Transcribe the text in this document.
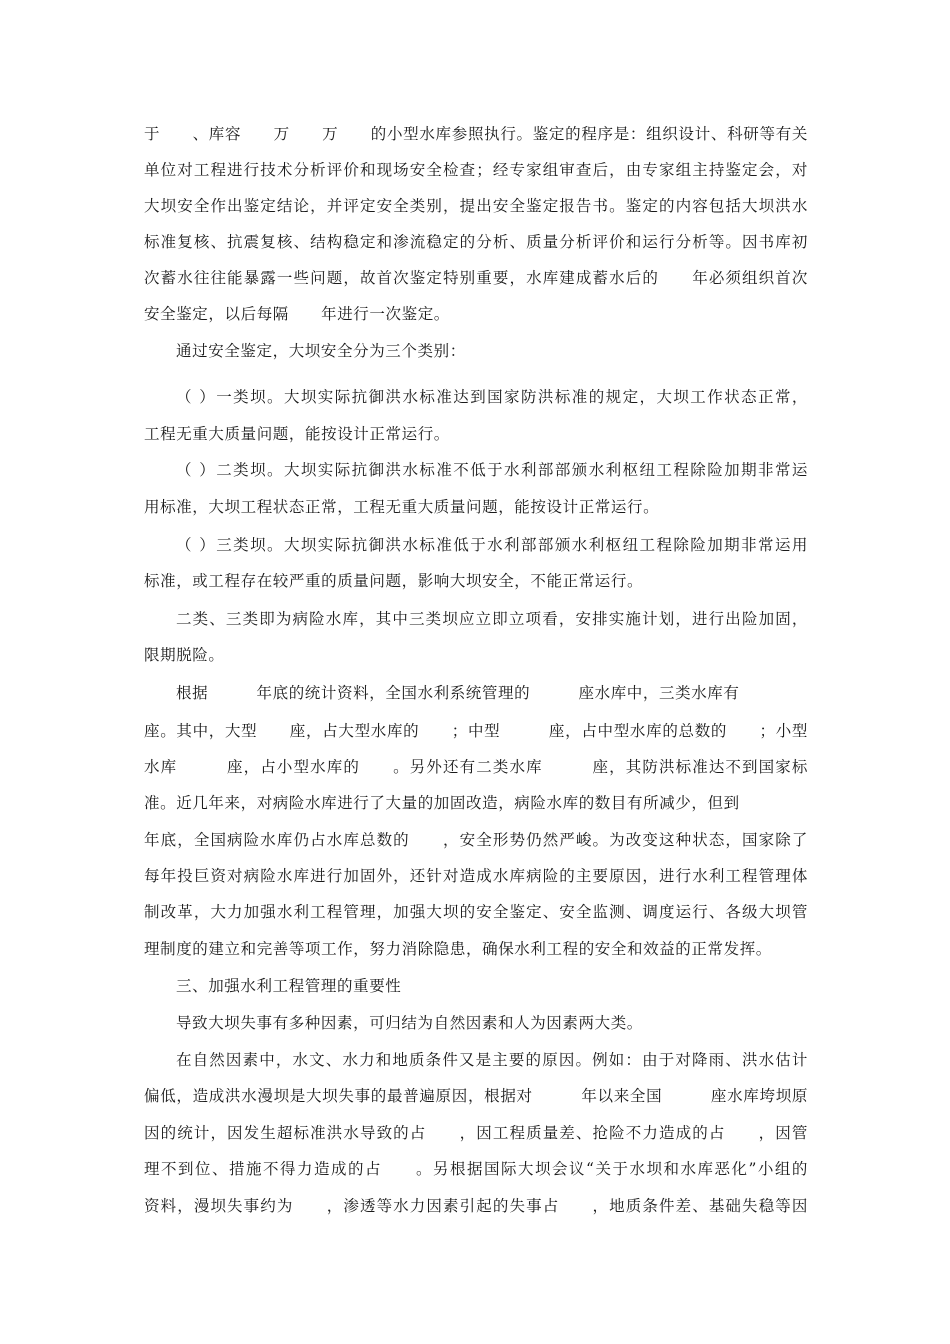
于　　、库容　　万　　万　　的小型水库参照执行。鉴定的程序是：组织设计、科研等有关
单位对工程进行技术分析评价和现场安全检查；经专家组审查后，由专家组主持鉴定会，对
大坝安全作出鉴定结论，并评定安全类别，提出安全鉴定报告书。鉴定的内容包括大坝洪水
标准复核、抗震复核、结构稳定和渗流稳定的分析、质量分析评价和运行分析等。因书库初
次蓄水往往能暴露一些问题，故首次鉴定特别重要，水库建成蓄水后的　　年必须组织首次
安全鉴定，以后每隔　　年进行一次鉴定。
通过安全鉴定，大坝安全分为三个类别：
（ ）一类坝。大坝实际抗御洪水标准达到国家防洪标准的规定，大坝工作状态正常，
工程无重大质量问题，能按设计正常运行。
（ ）二类坝。大坝实际抗御洪水标准不低于水利部部颁水利枢纽工程除险加期非常运
用标准，大坝工程状态正常，工程无重大质量问题，能按设计正常运行。
（ ）三类坝。大坝实际抗御洪水标准低于水利部部颁水利枢纽工程除险加期非常运用
标准，或工程存在较严重的质量问题，影响大坝安全，不能正常运行。
二类、三类即为病险水库，其中三类坝应立即立项看，安排实施计划，进行出险加固，
限期脱险。
根据　　　年底的统计资料，全国水利系统管理的　　　座水库中，三类水库有
座。其中，大型　　座，占大型水库的　　；中型　　　座，占中型水库的总数的　　；小型
水库　　　座，占小型水库的　　。另外还有二类水库　　　座，其防洪标准达不到国家标
准。近几年来，对病险水库进行了大量的加固改造，病险水库的数目有所减少，但到
年底，全国病险水库仍占水库总数的　　，安全形势仍然严峻。为改变这种状态，国家除了
每年投巨资对病险水库进行加固外，还针对造成水库病险的主要原因，进行水利工程管理体
制改革，大力加强水利工程管理，加强大坝的安全鉴定、安全监测、调度运行、各级大坝管
理制度的建立和完善等项工作，努力消除隐患，确保水利工程的安全和效益的正常发挥。
三、加强水利工程管理的重要性
导致大坝失事有多种因素，可归结为自然因素和人为因素两大类。
在自然因素中，水文、水力和地质条件又是主要的原因。例如：由于对降雨、洪水估计
偏低，造成洪水漫坝是大坝失事的最普遍原因，根据对　　　年以来全国　　　座水库垮坝原
因的统计，因发生超标准洪水导致的占　　，因工程质量差、抢险不力造成的占　　，因管
理不到位、措施不得力造成的占　　。另根据国际大坝会议“关于水坝和水库恶化”小组的
资料，漫坝失事约为　　，渗透等水力因素引起的失事占　　，地质条件差、基础失稳等因
